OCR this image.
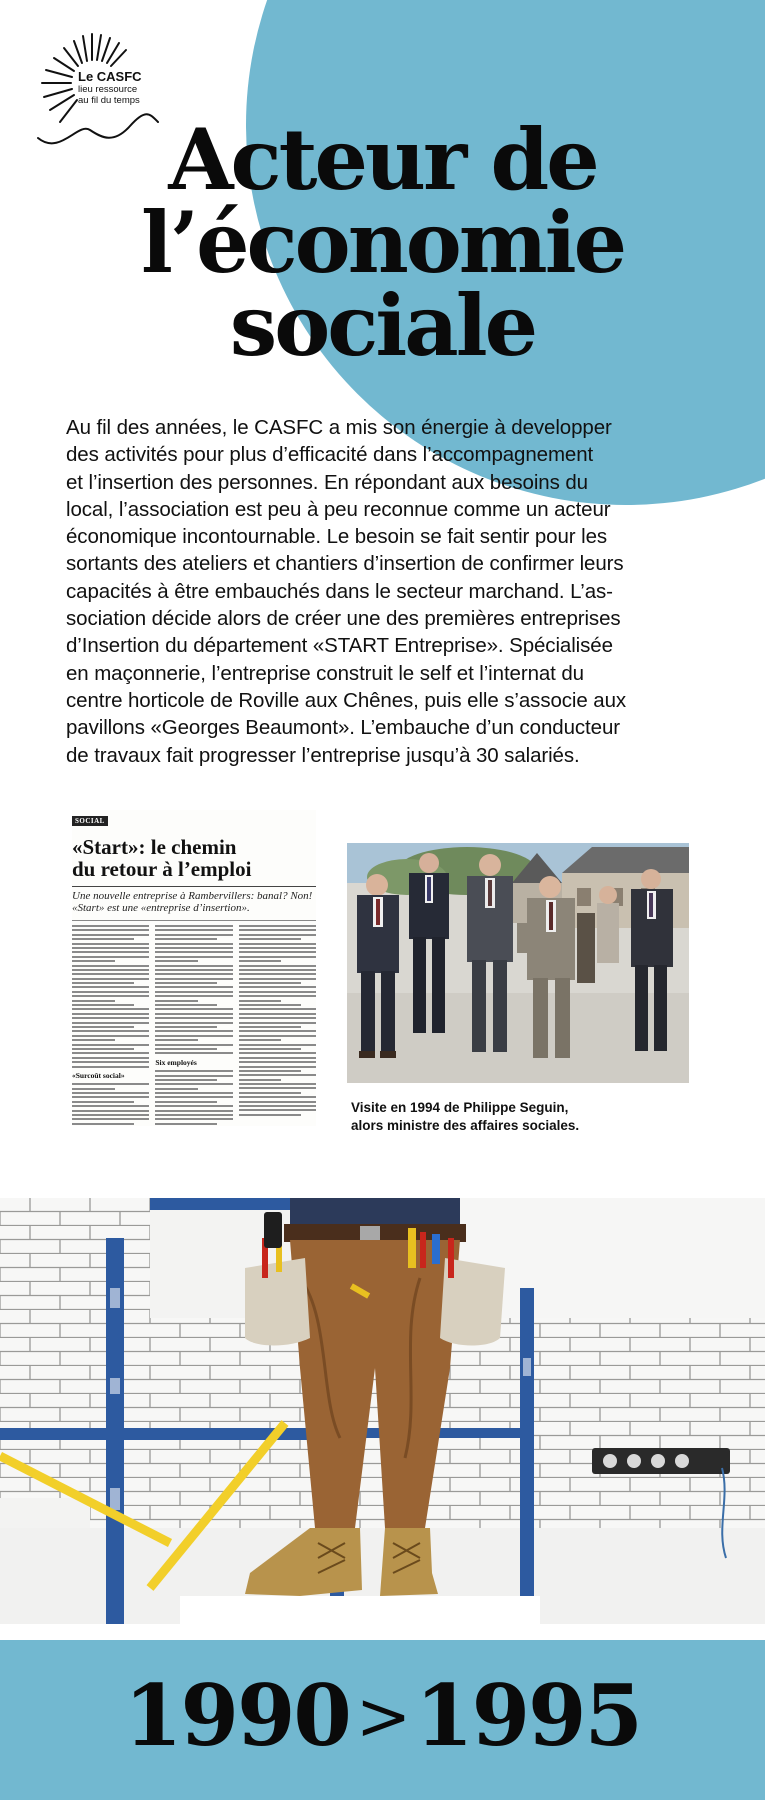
Le CASFC
lieu ressource
au fil du temps
Acteur de
l’économie
sociale
Au fil des années, le CASFC a mis son énergie à developper
des activités pour plus d’efficacité dans l’accompagnement
et l’insertion des personnes. En répondant aux besoins du
local, l’association est peu à peu reconnue comme un acteur
économique incontournable. Le besoin se fait sentir pour les
sortants des ateliers et chantiers d’insertion de confirmer leurs
capacités à être embauchés dans le secteur marchand. L’as-
sociation décide alors de créer une des premières entreprises
d’Insertion du département «START Entreprise». Spécialisée
en maçonnerie, l’entreprise construit le self et l’internat du
centre horticole de Roville aux Chênes, puis elle s’associe aux
pavillons «Georges Beaumont». L’embauche d’un conducteur
de travaux fait progresser l’entreprise jusqu’à 30 salariés.
SOCIAL
«Start»: le chemin
du retour à l’emploi
Une nouvelle entreprise à Rambervillers: banal? Non! «Start» est une «entreprise d’insertion».
«Surcoût social»
Six employés
Visite en 1994 de Philippe Seguin,
alors ministre des affaires sociales.
1990>1995
